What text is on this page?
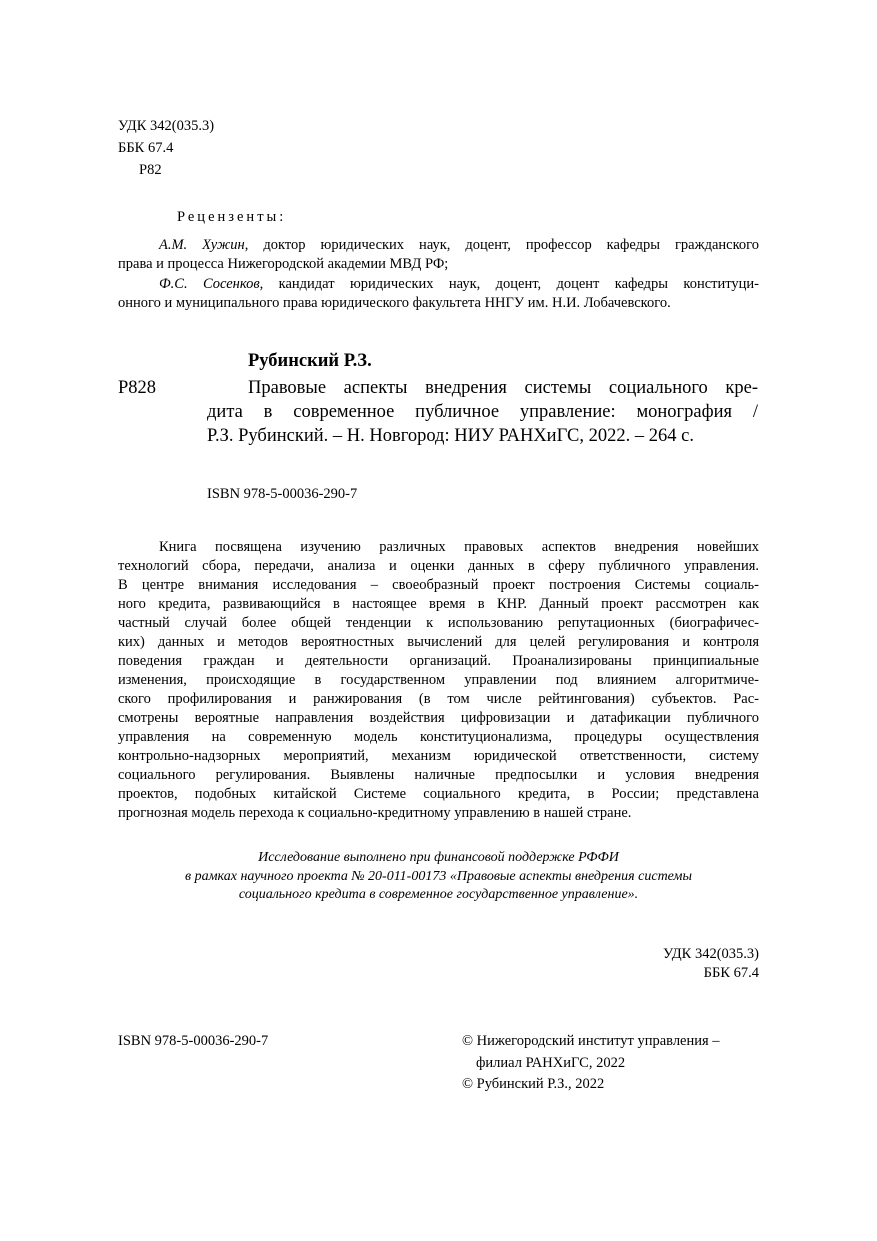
УДК 342(035.3)
ББК 67.4
Р82
Рецензенты:
А.М. Хужин, доктор юридических наук, доцент, профессор кафедры гражданского
права и процесса Нижегородской академии МВД РФ;
Ф.С. Сосенков, кандидат юридических наук, доцент, доцент кафедры конституци-
онного и муниципального права юридического факультета ННГУ им. Н.И. Лобачевского.
Рубинский Р.З.
Р828	Правовые аспекты внедрения системы социального кре-
дита в современное публичное управление: монография /
Р.З. Рубинский. – Н. Новгород: НИУ РАНХиГС, 2022. – 264 с.
ISBN 978-5-00036-290-7
Книга посвящена изучению различных правовых аспектов внедрения новейших
технологий сбора, передачи, анализа и оценки данных в сферу публичного управления.
В центре внимания исследования – своеобразный проект построения Системы социаль-
ного кредита, развивающийся в настоящее время в КНР. Данный проект рассмотрен как
частный случай более общей тенденции к использованию репутационных (биографичес-
ких) данных и методов вероятностных вычислений для целей регулирования и контроля
поведения граждан и деятельности организаций. Проанализированы принципиальные
изменения, происходящие в государственном управлении под влиянием алгоритмиче-
ского профилирования и ранжирования (в том числе рейтингования) субъектов. Рас-
смотрены вероятные направления воздействия цифровизации и датафикации публичного
управления на современную модель конституционализма, процедуры осуществления
контрольно-надзорных мероприятий, механизм юридической ответственности, систему
социального регулирования. Выявлены наличные предпосылки и условия внедрения
проектов, подобных китайской Системе социального кредита, в России; представлена
прогнозная модель перехода к социально-кредитному управлению в нашей стране.
Исследование выполнено при финансовой поддержке РФФИ
в рамках научного проекта № 20-011-00173 «Правовые аспекты внедрения системы
социального кредита в современное государственное управление».
УДК 342(035.3)
ББК 67.4
ISBN 978-5-00036-290-7	© Нижегородский институт управления –
филиал РАНХиГС, 2022
© Рубинский Р.З., 2022
